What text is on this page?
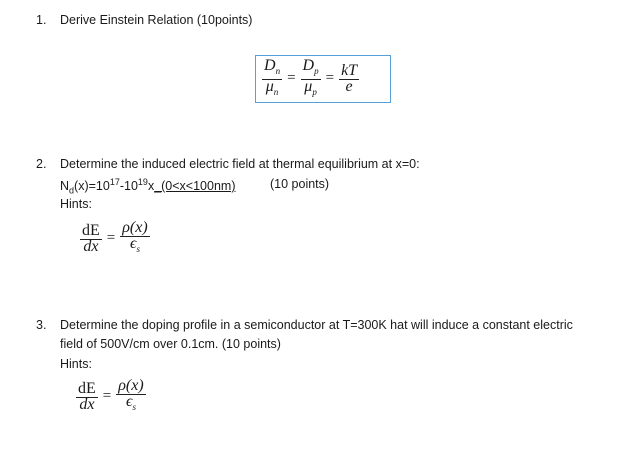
1. Derive Einstein Relation (10points)
$\frac{D_n}{\mu_n} = \frac{D_p}{\mu_p} = \frac{kT}{e}$
2. Determine the induced electric field at thermal equilibrium at x=0:
$N_d(x)=10^{17}-10^{19}x\_(0<x<100nm)$	(10 points)
Hints:
$\frac{dE}{dx} = \frac{\rho(x)}{\epsilon_s}$
3. Determine the doping profile in a semiconductor at T=300K hat will induce a constant electric
field of 500V/cm over 0.1cm. (10 points)
Hints:
$\frac{dE}{dx} = \frac{\rho(x)}{\epsilon_s}$
